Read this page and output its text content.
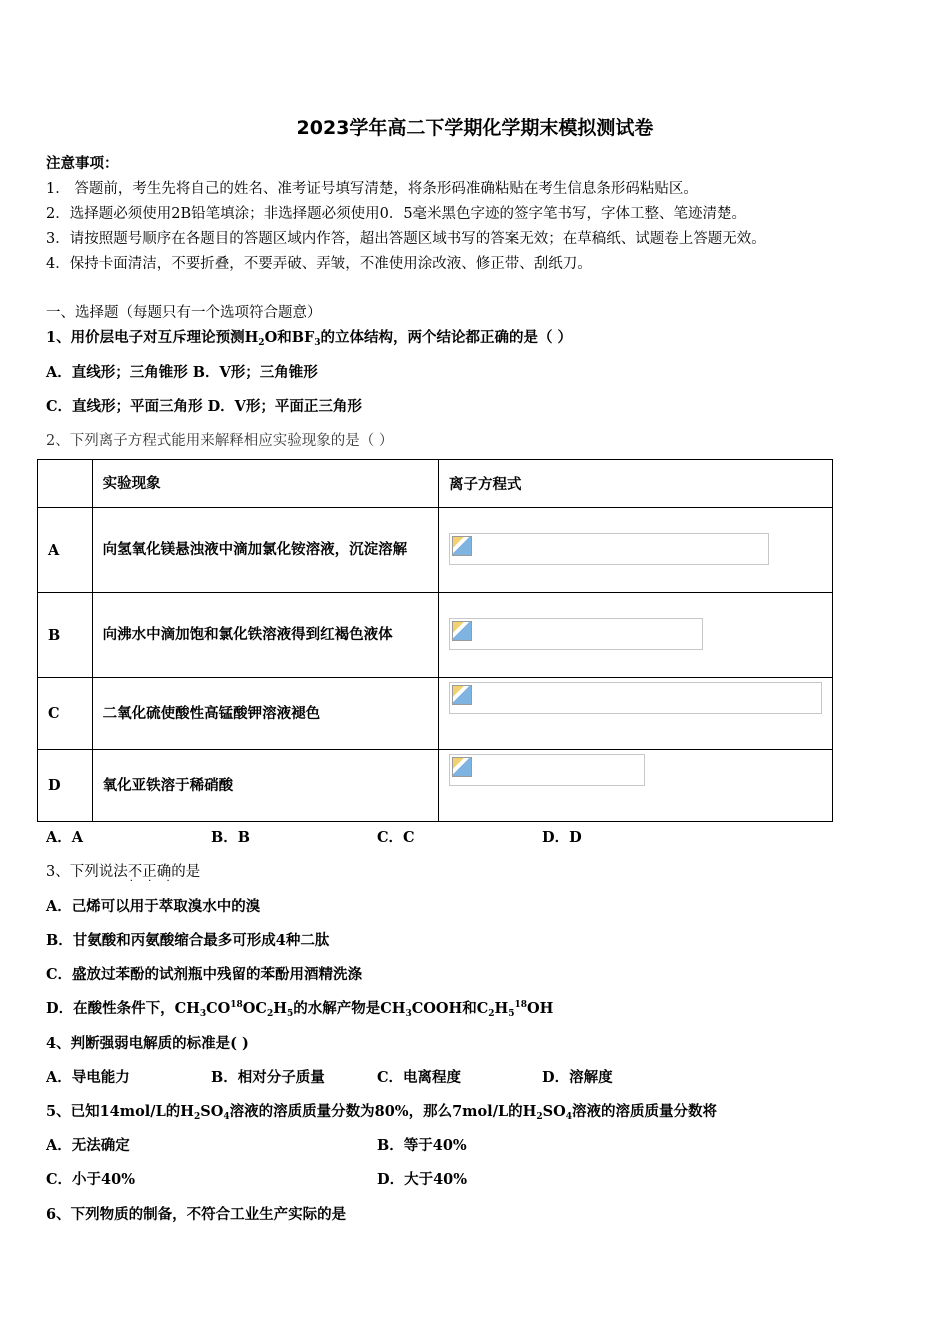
2023学年高二下学期化学期末模拟测试卷
注意事项：
1． 答题前，考生先将自己的姓名、准考证号填写清楚，将条形码准确粘贴在考生信息条形码粘贴区。
2．选择题必须使用2B铅笔填涂；非选择题必须使用0．5毫米黑色字迹的签字笔书写，字体工整、笔迹清楚。
3．请按照题号顺序在各题目的答题区域内作答，超出答题区域书写的答案无效；在草稿纸、试题卷上答题无效。
4．保持卡面清洁，不要折叠，不要弄破、弄皱，不准使用涂改液、修正带、刮纸刀。
一、选择题（每题只有一个选项符合题意）
1、用价层电子对互斥理论预测$H_2O$和$BF_3$的立体结构，两个结论都正确的是（ ）
A．直线形；三角锥形 B．V形；三角锥形
C．直线形；平面三角形 D．V形；平面正三角形
2、下列离子方程式能用来解释相应实验现象的是（ ）
	实验现象	离子方程式
A	向氢氧化镁悬浊液中滴加氯化铵溶液，沉淀溶解	

B	向沸水中滴加饱和氯化铁溶液得到红褐色液体	

C	二氧化硫使酸性高锰酸钾溶液褪色	

D	氧化亚铁溶于稀硝酸	
A．A	B．B	C．C	D．D
3、下列说法不正确 · · ·的是
A．己烯可以用于萃取溴水中的溴
B．甘氨酸和丙氨酸缩合最多可形成4种二肽
C．盛放过苯酚的试剂瓶中残留的苯酚用酒精洗涤
D．在酸性条件下，$CH_3CO^{18}OC_2H_5$的水解产物是$CH_3COOH$和$C_2H_5^{18}OH$
4、判断强弱电解质的标准是( )
A．导电能力	B．相对分子质量	C．电离程度	D．溶解度
5、已知14mol/L的$H_2SO_4$溶液的溶质质量分数为80%，那么7mol/L的$H_2SO_4$溶液的溶质质量分数将
A．无法确定	B．等于40%
C．小于40%	D．大于40%
6、下列物质的制备，不符合工业生产实际的是
